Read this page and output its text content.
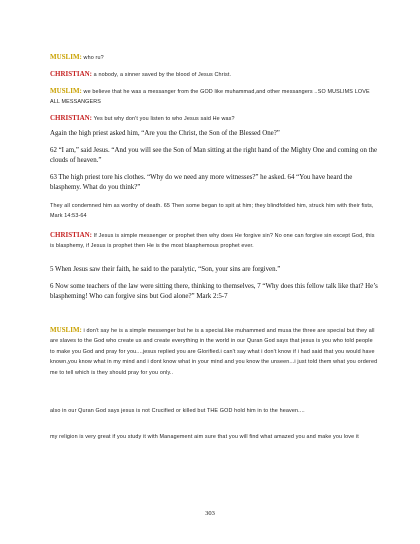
MUSLIM: who ru?

CHRISTIAN: a nobody, a sinner saved by the blood of Jesus Christ.

MUSLIM: we believe that he was a messanger from the GOD like muhammad,and other messangers ..SO MUSLIMS LOVE ALL MESSANGERS

CHRISTIAN: Yes but why don't you listen to who Jesus said He was?

Again the high priest asked him, “Are you the Christ, the Son of the Blessed One?”

62 “I am,” said Jesus. “And you will see the Son of Man sitting at the right hand of the Mighty One and coming on the clouds of heaven.”

63 The high priest tore his clothes. “Why do we need any more witnesses?” he asked. 64 “You have heard the blasphemy. What do you think?”

They all condemned him as worthy of death. 65 Then some began to spit at him; they blindfolded him, struck him with their fists, Mark 14:53-64

CHRISTIAN: If Jesus is simple messenger or prophet then why does He forgive sin? No one can forgive sin except God, this is blasphemy, if Jesus is prophet then He is the most blasphemous prophet ever.

5 When Jesus saw their faith, he said to the paralytic, “Son, your sins are forgiven.”

6 Now some teachers of the law were sitting there, thinking to themselves, 7 “Why does this fellow talk like that? He’s blaspheming! Who can forgive sins but God alone?” Mark 2:5-7

MUSLIM: i don't say he is a simple messenger but he is a special.like muhammed and musa the three are special but they all are slaves to the God who create us and create everything in the world in our Quran God says that jesus is you who told people to make you God and pray for you....jesus replied you are Glorified.i can't say what i don't know if i had said that you would have known,you know what in my mind and i dont know what in your mind and you know the unseen...i just told them what you ordered me to tell which is they should pray for you only..

also in our Quran God says jesus is not Crucified or killed but THE GOD hold him in to the heaven....

my religion is very great if you study it with Management aim sure that you will find what amazed you and make you love it

303
